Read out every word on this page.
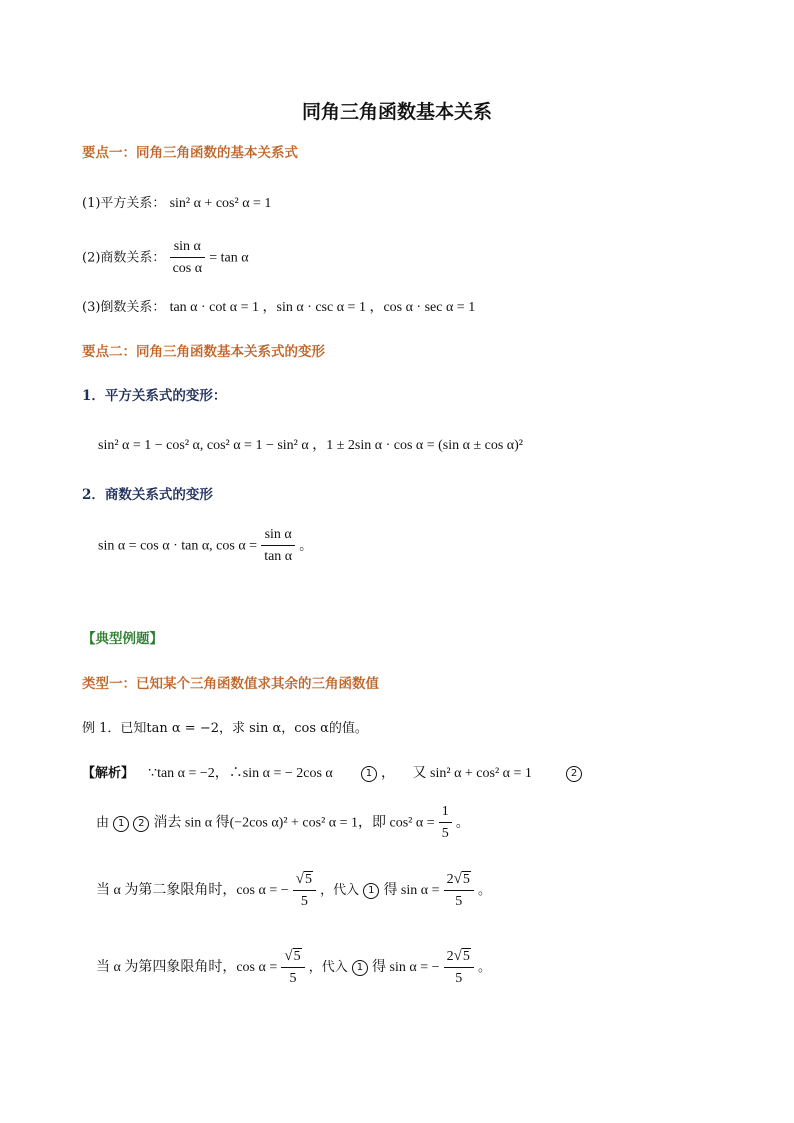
同角三角函数基本关系
要点一：同角三角函数的基本关系式
(1)平方关系： sin² α + cos² α = 1
(2)商数关系： $\frac{\text{sin α}}{\text{cos α}} = \tan \alpha$
(3)倒数关系： tan α · cot α = 1 ，sin α · csc α = 1 ，cos α · sec α = 1
要点二：同角三角函数基本关系式的变形
1．平方关系式的变形：
sin² α = 1 − cos² α, cos² α = 1 − sin² α ，1 ± 2sin α · cos α = (sin α ± cos α)²
2．商数关系式的变形
sin α = cos α · tan α, $\cos \alpha = \frac{\text{sin α}}{\text{tan α}}$ 。
【典型例题】
类型一：已知某个三角函数值求其余的三角函数值
例 1．已知tan α = −2，求 sin α，cos α的值。
【解析】 ∵tan α = −2，∴sin α = − 2cos α	1 ，     又 sin² α + cos² α = 1	2
由 1 2 消去 sin α 得(−2cos α)² + cos² α = 1，即 cos² $\alpha = \frac{1}{5}$ 。
当 α 为第二象限角时，cos α = − $\frac{√5}{5}$ ，代入 1 得 $\sin \alpha = \frac{2√5}{5}$ 。
当 α 为第四象限角时，$\cos \alpha = \frac{√5}{5}$ ，代入 1 得 sin α = − $\frac{2√5}{5}$ 。
